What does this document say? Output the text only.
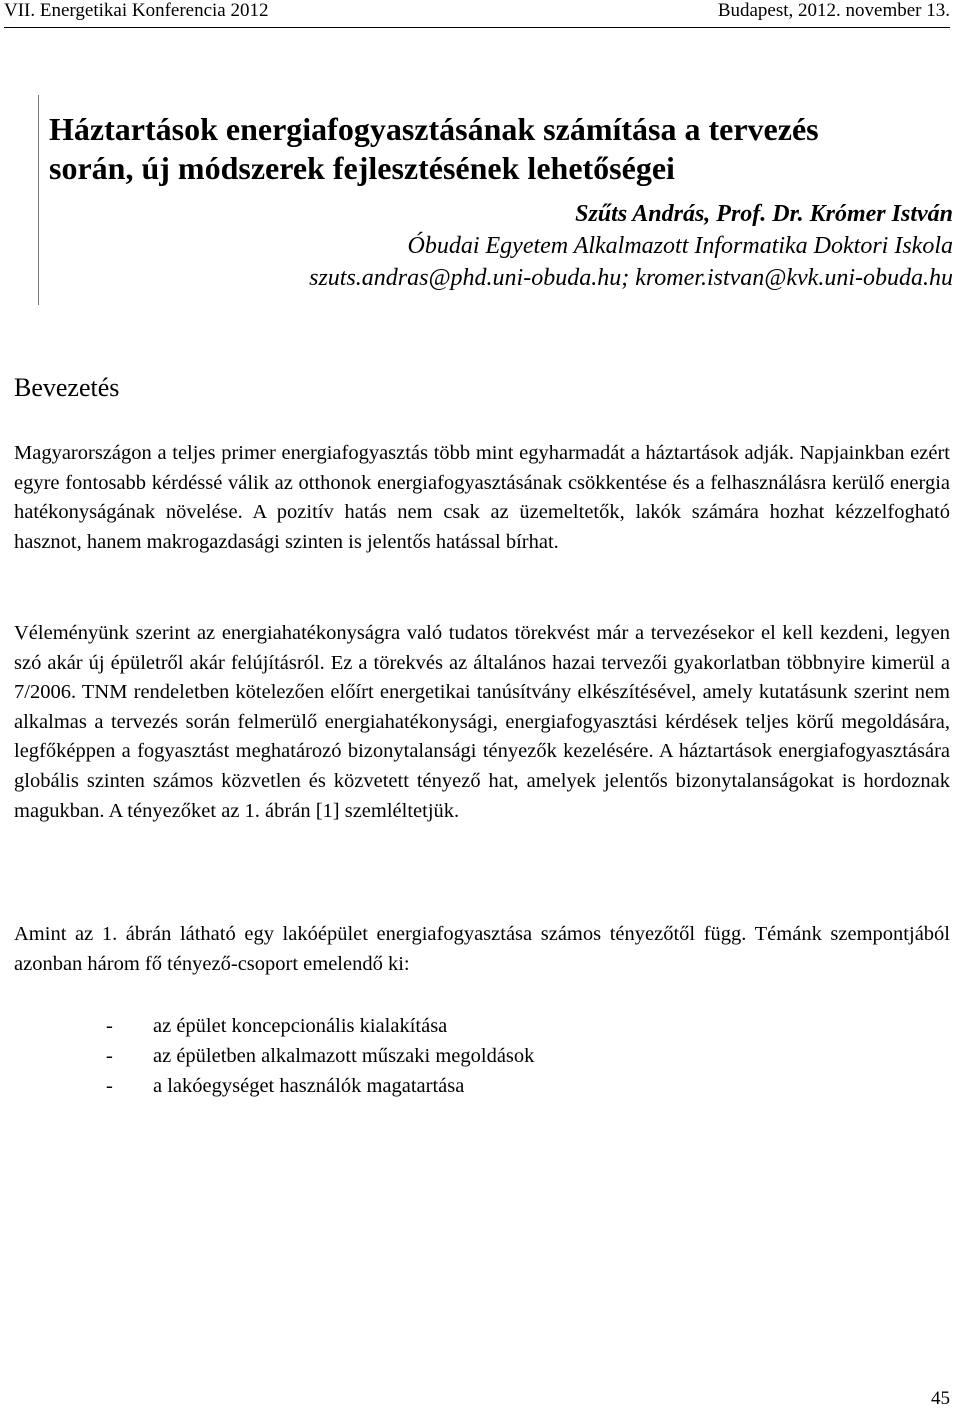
VII. Energetikai Konferencia 2012	Budapest, 2012. november 13.
Háztartások energiafogyasztásának számítása a tervezés
során, új módszerek fejlesztésének lehetőségei
Szűts András, Prof. Dr. Krómer István
Óbudai Egyetem Alkalmazott Informatika Doktori Iskola
szuts.andras@phd.uni-obuda.hu; kromer.istvan@kvk.uni-obuda.hu
Bevezetés

Magyarországon a teljes primer energiafogyasztás több mint egyharmadát a háztartások adják. Napjainkban ezért egyre fontosabb kérdéssé válik az otthonok energiafogyasztásának csökkentése és a felhasználásra kerülő energia hatékonyságának növelése. A pozitív hatás nem csak az üzemeltetők, lakók számára hozhat kézzelfogható hasznot, hanem makrogazdasági szinten is jelentős hatással bírhat.

Véleményünk szerint az energiahatékonyságra való tudatos törekvést már a tervezésekor el kell kezdeni, legyen szó akár új épületről akár felújításról. Ez a törekvés az általános hazai tervezői gyakorlatban többnyire kimerül a 7/2006. TNM rendeletben kötelezően előírt energetikai tanúsítvány elkészítésével, amely kutatásunk szerint nem alkalmas a tervezés során felmerülő energiahatékonysági, energiafogyasztási kérdések teljes körű megoldására, legfőképpen a fogyasztást meghatározó bizonytalansági tényezők kezelésére. A háztartások energiafogyasztására globális szinten számos közvetlen és közvetett tényező hat, amelyek jelentős bizonytalanságokat is hordoznak magukban. A tényezőket az 1. ábrán [1] szemléltetjük.

Amint az 1. ábrán látható egy lakóépület energiafogyasztása számos tényezőtől függ. Témánk szempontjából azonban három fő tényező-csoport emelendő ki:

-	az épület koncepcionális kialakítása
-	az épületben alkalmazott műszaki megoldások
-	a lakóegységet használók magatartása
45
